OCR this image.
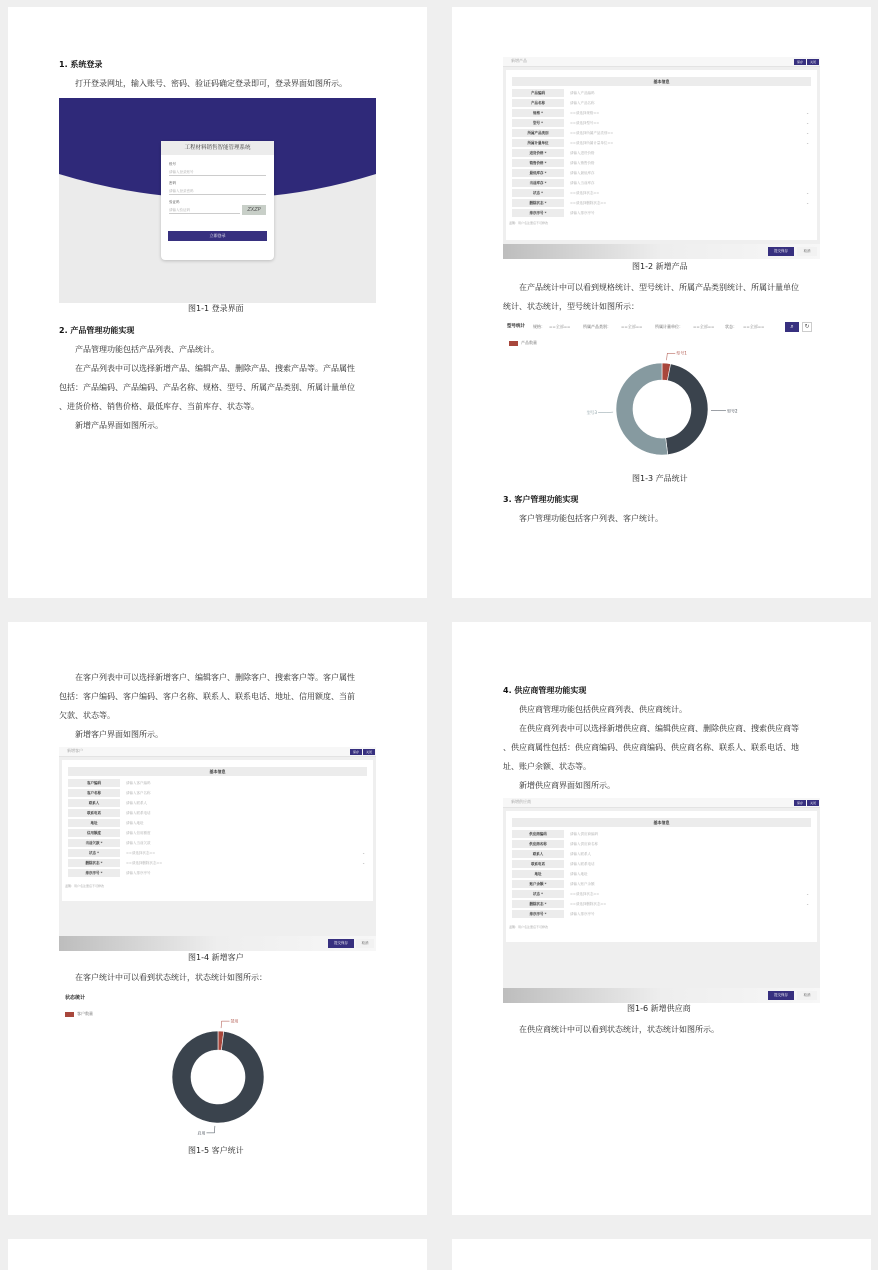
1. 系统登录
打开登录网址，输入账号、密码、验证码确定登录即可，登录界面如图所示。
工程材料销售智能管理系统
账号
请输入登录账号
密码
请输入登录密码
验证码
请输入验证码	ZXZP
立即登录
图1-1 登录界面
2. 产品管理功能实现
产品管理功能包括产品列表、产品统计。
在产品列表中可以选择新增产品、编辑产品、删除产品、搜索产品等。产品属性
包括：产品编码、产品编码、产品名称、规格、型号、所属产品类别、所属计量单位
、进货价格、销售价格、最低库存、当前库存、状态等。
新增产品界面如图所示。
新增产品	保存	关闭
基本信息
产品编码	请输入产品编码
产品名称	请输入产品名称
规格 *	==请选择规格==	⌄
型号 *	==请选择型号==	⌄
所属产品类别	==请选择所属产品类别==	⌄
所属计量单位	==请选择所属计量单位==	⌄
进货价格 *	请输入进货价格
销售价格 *	请输入销售价格
最低库存 *	请输入最低库存
当前库存 *	请输入当前库存
状态 *	==请选择状态==	⌄
删除状态 *	==请选择删除状态==	⌄
排序序号 *	请输入排序序号
温馨：用户名注册后不可修改
提交保存	取消
图1-2 新增产品
在产品统计中可以看到规格统计、型号统计、所属产品类别统计、所属计量单位
统计、状态统计，型号统计如图所示：
型号统计 规格： ==全部==	所属产品类别：	==全部==	所属计量单位：	==全部==	状态： ==全部==	⌕	↻
产品数量
型号1
型号2
型号3
图1-3 产品统计
3. 客户管理功能实现
客户管理功能包括客户列表、客户统计。
在客户列表中可以选择新增客户、编辑客户、删除客户、搜索客户等。客户属性
包括：客户编码、客户编码、客户名称、联系人、联系电话、地址、信用额度、当前
欠款、状态等。
新增客户界面如图所示。
新增客户	保存	关闭
基本信息
客户编码	请输入客户编码
客户名称	请输入客户名称
联系人	请输入联系人
联系电话	请输入联系电话
地址	请输入地址
信用额度	请输入信用额度
当前欠款 *	请输入当前欠款
状态 *	==请选择状态==	⌄
删除状态 *	==请选择删除状态==	⌄
排序序号 *	请输入排序序号
温馨：用户名注册后不可修改
提交保存	取消
图1-4 新增客户
在客户统计中可以看到状态统计，状态统计如图所示：
状态统计
客户数量
禁用
启用
图1-5 客户统计
4. 供应商管理功能实现
供应商管理功能包括供应商列表、供应商统计。
在供应商列表中可以选择新增供应商、编辑供应商、删除供应商、搜索供应商等
、供应商属性包括：供应商编码、供应商编码、供应商名称、联系人、联系电话、地
址、账户余额、状态等。
新增供应商界面如图所示。
新增供应商	保存	关闭
基本信息
供应商编码	请输入供应商编码
供应商名称	请输入供应商名称
联系人	请输入联系人
联系电话	请输入联系电话
地址	请输入地址
账户余额 *	请输入账户余额
状态 *	==请选择状态==	⌄
删除状态 *	==请选择删除状态==	⌄
排序序号 *	请输入排序序号
温馨：用户名注册后不可修改
提交保存	取消
图1-6 新增供应商
在供应商统计中可以看到状态统计，状态统计如图所示。
